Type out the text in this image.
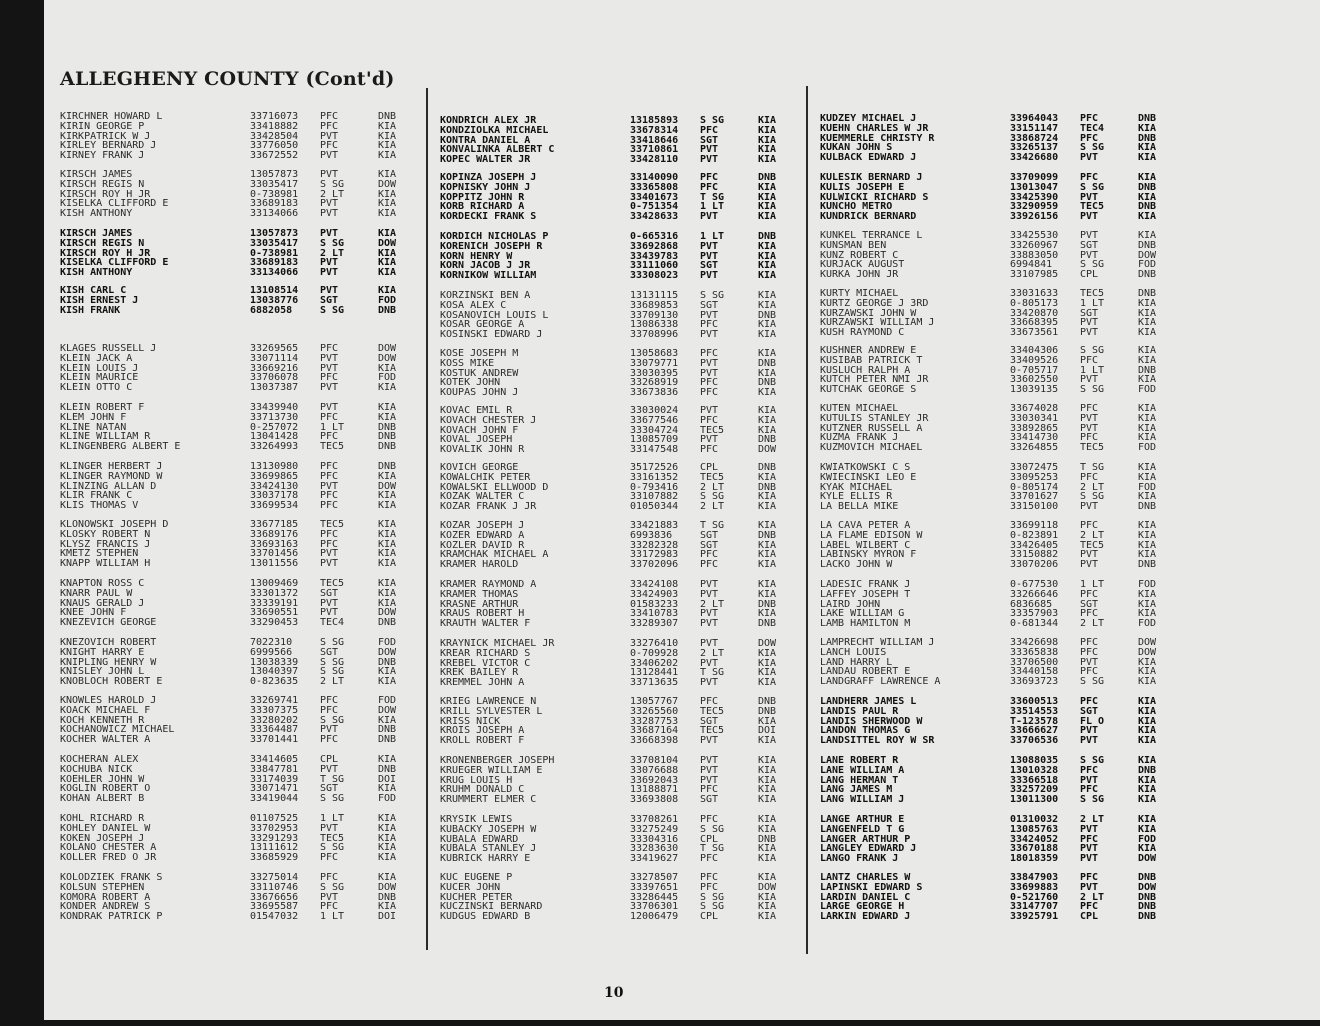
ALLEGHENY COUNTY (Cont'd)
KIRCHNER HOWARD L	33716073 PFC	DNB
KIRIN GEORGE P	33418882 PFC	KIA
KIRKPATRICK W J	33428504 PVT	KIA
KIRLEY BERNARD J	33776050 PFC	KIA
KIRNEY FRANK J	33672552 PVT	KIA
KIRSCH JAMES	13057873 PVT	KIA
KIRSCH REGIS N	33035417 S SG	DOW
KIRSCH ROY H JR	0-738981 2 LT	KIA
KISELKA CLIFFORD E	33689183 PVT	KIA
KISH ANTHONY	33134066 PVT	KIA
KIRSCH JAMES	13057873 PVT	KIA
KIRSCH REGIS N	33035417 S SG	DOW
KIRSCH ROY H JR	0-738981 2 LT	KIA
KISELKA CLIFFORD E	33689183 PVT	KIA
KISH ANTHONY	33134066 PVT	KIA
KISH CARL C	13108514 PVT	KIA
KISH ERNEST J	13038776 SGT	FOD
KISH FRANK	6882058	S SG	DNB
KLAGES RUSSELL J	33269565 PFC	DOW
KLEIN JACK A	33071114 PVT	DOW
KLEIN LOUIS J	33669216 PVT	KIA
KLEIN MAURICE	33706078 PFC	FOD
KLEIN OTTO C	13037387 PVT	KIA
KLEIN ROBERT F	33439940 PVT	KIA
KLEM JOHN F	33713730 PFC	KIA
KLINE NATAN	0-257072 1 LT	DNB
KLINE WILLIAM R	13041428 PFC	DNB
KLINGENBERG ALBERT E	33264993 TEC5	DNB
KLINGER HERBERT J	13130980 PFC	DNB
KLINGER RAYMOND W	33699865 PFC	KIA
KLINZING ALLAN D	33424130 PVT	DOW
KLIR FRANK C	33037178 PFC	KIA
KLIS THOMAS V	33699534 PFC	KIA
KLONOWSKI JOSEPH D	33677185 TEC5	KIA
KLOSKY ROBERT N	33689176 PFC	KIA
KLYSZ FRANCIS J	33693163 PFC	KIA
KMETZ STEPHEN	33701456 PVT	KIA
KNAPP WILLIAM H	13011556 PVT	KIA
KNAPTON ROSS C	13009469 TEC5	KIA
KNARR PAUL W	33301372 SGT	KIA
KNAUS GERALD J	33339191 PVT	KIA
KNEE JOHN F	33690551 PVT	DOW
KNEZEVICH GEORGE	33290453 TEC4	DNB
KNEZOVICH ROBERT	7022310	S SG	FOD
KNIGHT HARRY E	6999566	SGT	DOW
KNIPLING HENRY W	13038339 S SG	DNB
KNISLEY JOHN L	13040397 S SG	KIA
KNOBLOCH ROBERT E	0-823635 2 LT	KIA
KNOWLES HAROLD J	33269741 PFC	FOD
KOACK MICHAEL F	33307375 PFC	DOW
KOCH KENNETH R	33280202 S SG	KIA
KOCHANOWICZ MICHAEL	33364487 PVT	DNB
KOCHER WALTER A	33701441 PFC	DNB
KOCHERAN ALEX	33414605 CPL	KIA
KOCHUBA NICK	33847781 PVT	DNB
KOEHLER JOHN W	33174039 T SG	DOI
KOGLIN ROBERT O	33071471 SGT	KIA
KOHAN ALBERT B	33419044 S SG	FOD
KOHL RICHARD R	01107525 1 LT	KIA
KOHLEY DANIEL W	33702953 PVT	KIA
KOKEN JOSEPH J	33291293 TEC5	KIA
KOLANO CHESTER A	13111612 S SG	KIA
KOLLER FRED O JR	33685929 PFC	KIA
KOLODZIEK FRANK S	33275014 PFC	KIA
KOLSUN STEPHEN	33110746 S SG	DOW
KOMORA ROBERT A	33676656 PVT	DNB
KONDER ANDREW S	33695587 PFC	KIA
KONDRAK PATRICK P	01547032 1 LT	DOI
KONDRICH ALEX JR	13185893 S SG	KIA
KONDZIOLKA MICHAEL	33678314 PFC	KIA
KONTRA DANIEL A	33418646 SGT	KIA
KONVALINKA ALBERT C	33710861 PVT	KIA
KOPEC WALTER JR	33428110 PVT	KIA
KOPINZA JOSEPH J	33140090 PFC	DNB
KOPNISKY JOHN J	33365808 PFC	KIA
KOPPITZ JOHN R	33401673 T SG	KIA
KORB RICHARD A	0-751354 1 LT	KIA
KORDECKI FRANK S	33428633 PVT	KIA
KORDICH NICHOLAS P	0-665316 1 LT	DNB
KORENICH JOSEPH R	33692868 PVT	KIA
KORN HENRY W	33439783 PVT	KIA
KORN JACOB J JR	33111060 SGT	KIA
KORNIKOW WILLIAM	33308023 PVT	KIA
KORZINSKI BEN A	13131115 S SG	KIA
KOSA ALEX C	33689853 SGT	KIA
KOSANOVICH LOUIS L	33709130 PVT	DNB
KOSAR GEORGE A	13086338 PFC	KIA
KOSINSKI EDWARD J	33708996 PVT	KIA
KOSE JOSEPH M	13058683 PFC	KIA
KOSS MIKE	33079771 PVT	DNB
KOSTUK ANDREW	33030395 PVT	KIA
KOTEK JOHN	33268919 PFC	DNB
KOUPAS JOHN J	33673836 PFC	KIA
KOVAC EMIL R	33030024 PVT	KIA
KOVACH CHESTER J	33677546 PFC	KIA
KOVACH JOHN F	33304724 TEC5	KIA
KOVAL JOSEPH	13085709 PVT	DNB
KOVALIK JOHN R	33147548 PFC	DOW
KOVICH GEORGE	35172526 CPL	DNB
KOWALCHIK PETER	33161352 TEC5	KIA
KOWALSKI ELLWOOD D	0-793416 2 LT	DNB
KOZAK WALTER C	33107882 S SG	KIA
KOZAR FRANK J JR	01050344 2 LT	KIA
KOZAR JOSEPH J	33421883 T SG	KIA
KOZER EDWARD A	6993836	SGT	DNB
KOZLER DAVID R	33282328 SGT	KIA
KRAMCHAK MICHAEL A	33172983 PFC	KIA
KRAMER HAROLD	33702096 PFC	KIA
KRAMER RAYMOND A	33424108 PVT	KIA
KRAMER THOMAS	33424903 PVT	KIA
KRASNE ARTHUR	01583233 2 LT	DNB
KRAUS ROBERT H	33410783 PVT	KIA
KRAUTH WALTER F	33289307 PVT	DNB
KRAYNICK MICHAEL JR	33276410 PVT	DOW
KREAR RICHARD S	0-709928 2 LT	KIA
KREBEL VICTOR C	33406202 PVT	KIA
KREK BAILEY R	13128441 T SG	KIA
KREMMEL JOHN A	33713635 PVT	KIA
KRIEG LAWRENCE N	13057767 PFC	DNB
KRILL SYLVESTER L	33265560 TEC5	DNB
KRISS NICK	33287753 SGT	KIA
KROIS JOSEPH A	33687164 TEC5	DOI
KROLL ROBERT F	33668398 PVT	KIA
KRONENBERGER JOSEPH	33708104 PVT	KIA
KRUEGER WILLIAM E	33076688 PVT	KIA
KRUG LOUIS H	33692043 PVT	KIA
KRUHM DONALD C	13188871 PFC	KIA
KRUMMERT ELMER C	33693808 SGT	KIA
KRYSIK LEWIS	33708261 PFC	KIA
KUBACKY JOSEPH W	33275249 S SG	KIA
KUBALA EDWARD	33304316 CPL	DNB
KUBALA STANLEY J	33283630 T SG	KIA
KUBRICK HARRY E	33419627 PFC	KIA
KUC EUGENE P	33278507 PFC	KIA
KUCER JOHN	33397651 PFC	DOW
KUCHER PETER	33286445 S SG	KIA
KUCZINSKI BERNARD	33706301 S SG	KIA
KUDGUS EDWARD B	12006479 CPL	KIA
KUDZEY MICHAEL J	33964043 PFC	DNB
KUEHN CHARLES W JR	33151147 TEC4	KIA
KUEMMERLE CHRISTY R	33868724 PFC	DNB
KUKAN JOHN S	33265137 S SG	KIA
KULBACK EDWARD J	33426680 PVT	KIA
KULESIK BERNARD J	33709099 PFC	KIA
KULIS JOSEPH E	13013047 S SG	DNB
KULWICKI RICHARD S	33425390 PVT	KIA
KUNCHO METRO	33290959 TEC5	DNB
KUNDRICK BERNARD	33926156 PVT	KIA
KUNKEL TERRANCE L	33425530 PVT	KIA
KUNSMAN BEN	33260967 SGT	DNB
KUNZ ROBERT C	33883050 PVT	DOW
KURJACK AUGUST	6994841	S SG	FOD
KURKA JOHN JR	33107985 CPL	DNB
KURTY MICHAEL	33031633 TEC5	DNB
KURTZ GEORGE J 3RD	0-805173 1 LT	KIA
KURZAWSKI JOHN W	33420870 SGT	KIA
KURZAWSKI WILLIAM J	33668395 PVT	KIA
KUSH RAYMOND C	33673561 PVT	KIA
KUSHNER ANDREW E	33404306 S SG	KIA
KUSIBAB PATRICK T	33409526 PFC	KIA
KUSLUCH RALPH A	0-705717 1 LT	DNB
KUTCH PETER NMI JR	33602550 PVT	KIA
KUTCHAK GEORGE S	13039135 S SG	FOD
KUTEN MICHAEL	33674028 PFC	KIA
KUTULIS STANLEY JR	33030341 PVT	KIA
KUTZNER RUSSELL A	33892865 PVT	KIA
KUZMA FRANK J	33414730 PFC	KIA
KUZMOVICH MICHAEL	33264855 TEC5	FOD
KWIATKOWSKI C S	33072475 T SG	KIA
KWIECINSKI LEO E	33095253 PFC	KIA
KYAK MICHAEL	0-805174 2 LT	FOD
KYLE ELLIS R	33701627 S SG	KIA
LA BELLA MIKE	33150100 PVT	DNB
LA CAVA PETER A	33699118 PFC	KIA
LA FLAME EDISON W	0-823891 2 LT	KIA
LABEL WILBERT C	33426405 TEC5	KIA
LABINSKY MYRON F	33150882 PVT	KIA
LACKO JOHN W	33070206 PVT	DNB
LADESIC FRANK J	0-677530 1 LT	FOD
LAFFEY JOSEPH T	33266646 PFC	KIA
LAIRD JOHN	6836685	SGT	KIA
LAKE WILLIAM G	33357903 PFC	KIA
LAMB HAMILTON M	0-681344 2 LT	FOD
LAMPRECHT WILLIAM J	33426698 PFC	DOW
LANCH LOUIS	33365838 PFC	DOW
LAND HARRY L	33706500 PVT	KIA
LANDAU ROBERT E	33440158 PFC	KIA
LANDGRAFF LAWRENCE A	33693723 S SG	KIA
LANDHERR JAMES L	33600513 PFC	KIA
LANDIS PAUL R	33514553 SGT	KIA
LANDIS SHERWOOD W	T-123578 FL O	KIA
LANDON THOMAS G	33666627 PVT	KIA
LANDSITTEL ROY W SR	33706536 PVT	KIA
LANE ROBERT R	13088035 S SG	KIA
LANE WILLIAM A	13010328 PFC	DNB
LANG HERMAN T	33366518 PVT	KIA
LANG JAMES M	33257209 PFC	KIA
LANG WILLIAM J	13011300 S SG	KIA
LANGE ARTHUR E	01310032 2 LT	KIA
LANGENFELD T G	13085763 PVT	KIA
LANGER ARTHUR P	33424052 PFC	FOD
LANGLEY EDWARD J	33670188 PVT	KIA
LANGO FRANK J	18018359 PVT	DOW
LANTZ CHARLES W	33847903 PFC	DNB
LAPINSKI EDWARD S	33699883 PVT	DOW
LARDIN DANIEL C	0-521760 2 LT	DNB
LARGE GEORGE H	33147707 PFC	DNB
LARKIN EDWARD J	33925791 CPL	DNB
10
